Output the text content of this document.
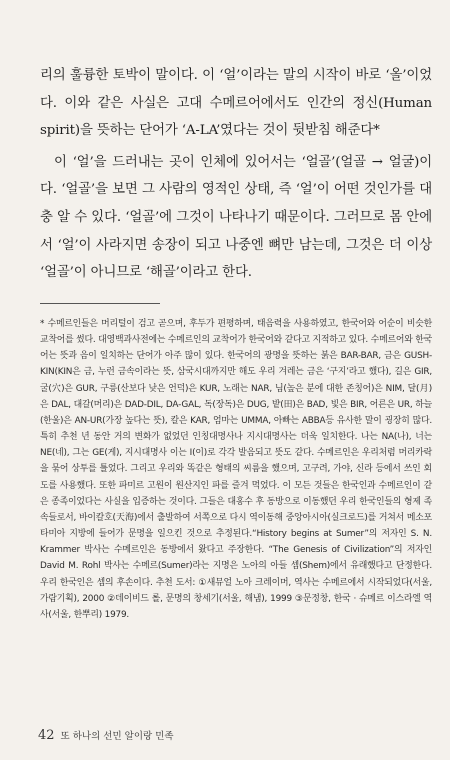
리의 훌륭한 토박이 말이다. 이 ‘얼’이라는 말의 시작이 바로 ‘올’이었다. 이와 같은 사실은 고대 수메르어에서도 인간의 정신(Human spirit)을 뜻하는 단어가 ‘A-LA’였다는 것이 뒷받침 해준다*

이 ‘얼’을 드러내는 곳이 인체에 있어서는 ‘얼골’(얼골 → 얼굴)이다. ‘얼골’을 보면 그 사람의 영적인 상태, 즉 ‘얼’이 어떤 것인가를 대충 알 수 있다. ‘얼골’에 그것이 나타나기 때문이다. 그러므로 몸 안에서 ‘얼’이 사라지면 송장이 되고 나중엔 뼈만 남는데, 그것은 더 이상 ‘얼골’이 아니므로 ‘해골’이라고 한다.

* 수메르인들은 머리털이 검고 곧으며, 후두가 편평하며, 태음력을 사용하였고, 한국어와 어순이 비슷한 교착어를 썼다. 대영백과사전에는 수메르인의 교착어가 한국어와 같다고 지적하고 있다. 수메르어와 한국어는 뜻과 음이 일치하는 단어가 아주 많이 있다. 한국어의 광명을 뜻하는 붉은 BAR-BAR, 금은 GUSH-KIN(KIN은 금, 누런 금속이라는 뜻, 삼국시대까지만 해도 우리 겨레는 금은 ‘구지’라고 했다), 길은 GIR, 굴(穴)은 GUR, 구릉(산보다 낮은 언덕)은 KUR, 노래는 NAR, 님(높은 분에 대한 존칭어)은 NIM, 달(月)은 DAL, 대갈(머리)은 DAD-DIL, DA-GAL, 독(장독)은 DUG, 밭(田)은 BAD, 빛은 BIR, 어른은 UR, 하늘(한울)은 AN-UR(가장 높다는 뜻), 칼은 KAR, 엄마는 UMMA, 아빠는 ABBA등 유사한 말이 굉장히 많다. 특히 추천 년 동안 거의 변화가 없었던 인칭대명사나 지시대명사는 더욱 일치한다. 나는 NA(나), 너는 NE(네), 그는 GE(게), 지시대명사 이는 I(이)로 각각 발음되고 뜻도 같다. 수메르인은 우리처럼 머리카락을 묶어 상투를 틀었다. 그리고 우리와 똑같은 형태의 씨름을 했으며, 고구려, 가야, 신라 등에서 쓰인 회도를 사용했다. 또한 파미르 고원이 원산지인 파를 즐겨 먹었다. 이 모든 것들은 한국인과 수메르인이 같은 종족이었다는 사실을 입증하는 것이다. 그들은 대홍수 후 동방으로 이동했던 우리 한국인들의 형제 족속들로서, 바이칼호(天海)에서 출발하여 서쪽으로 다시 역이동해 중앙아시아(실크로드)를 거쳐서 메소포타미아 지방에 들어가 문명을 일으킨 것으로 추정된다.“History begins at Sumer”의 저자인 S. N. Krammer 박사는 수메르인은 동방에서 왔다고 주장한다. “The Genesis of Civilization”의 저자인 David M. Rohl 박사는 수메르(Sumer)라는 지명은 노아의 아들 셈(Shem)에서 유래했다고 단정한다. 우리 한국인은 셈의 후손이다. 추천 도서: ①새뮤얼 노아 크레이머, 역사는 수메르에서 시작되었다(서울, 가람기획), 2000 ②데이비드 롤, 문명의 창세기(서울, 해냄), 1999 ③문정창, 한국 · 슈메르 이스라엘 역사(서울, 한뿌리) 1979.
42 또 하나의 선민 알이랑 민족
